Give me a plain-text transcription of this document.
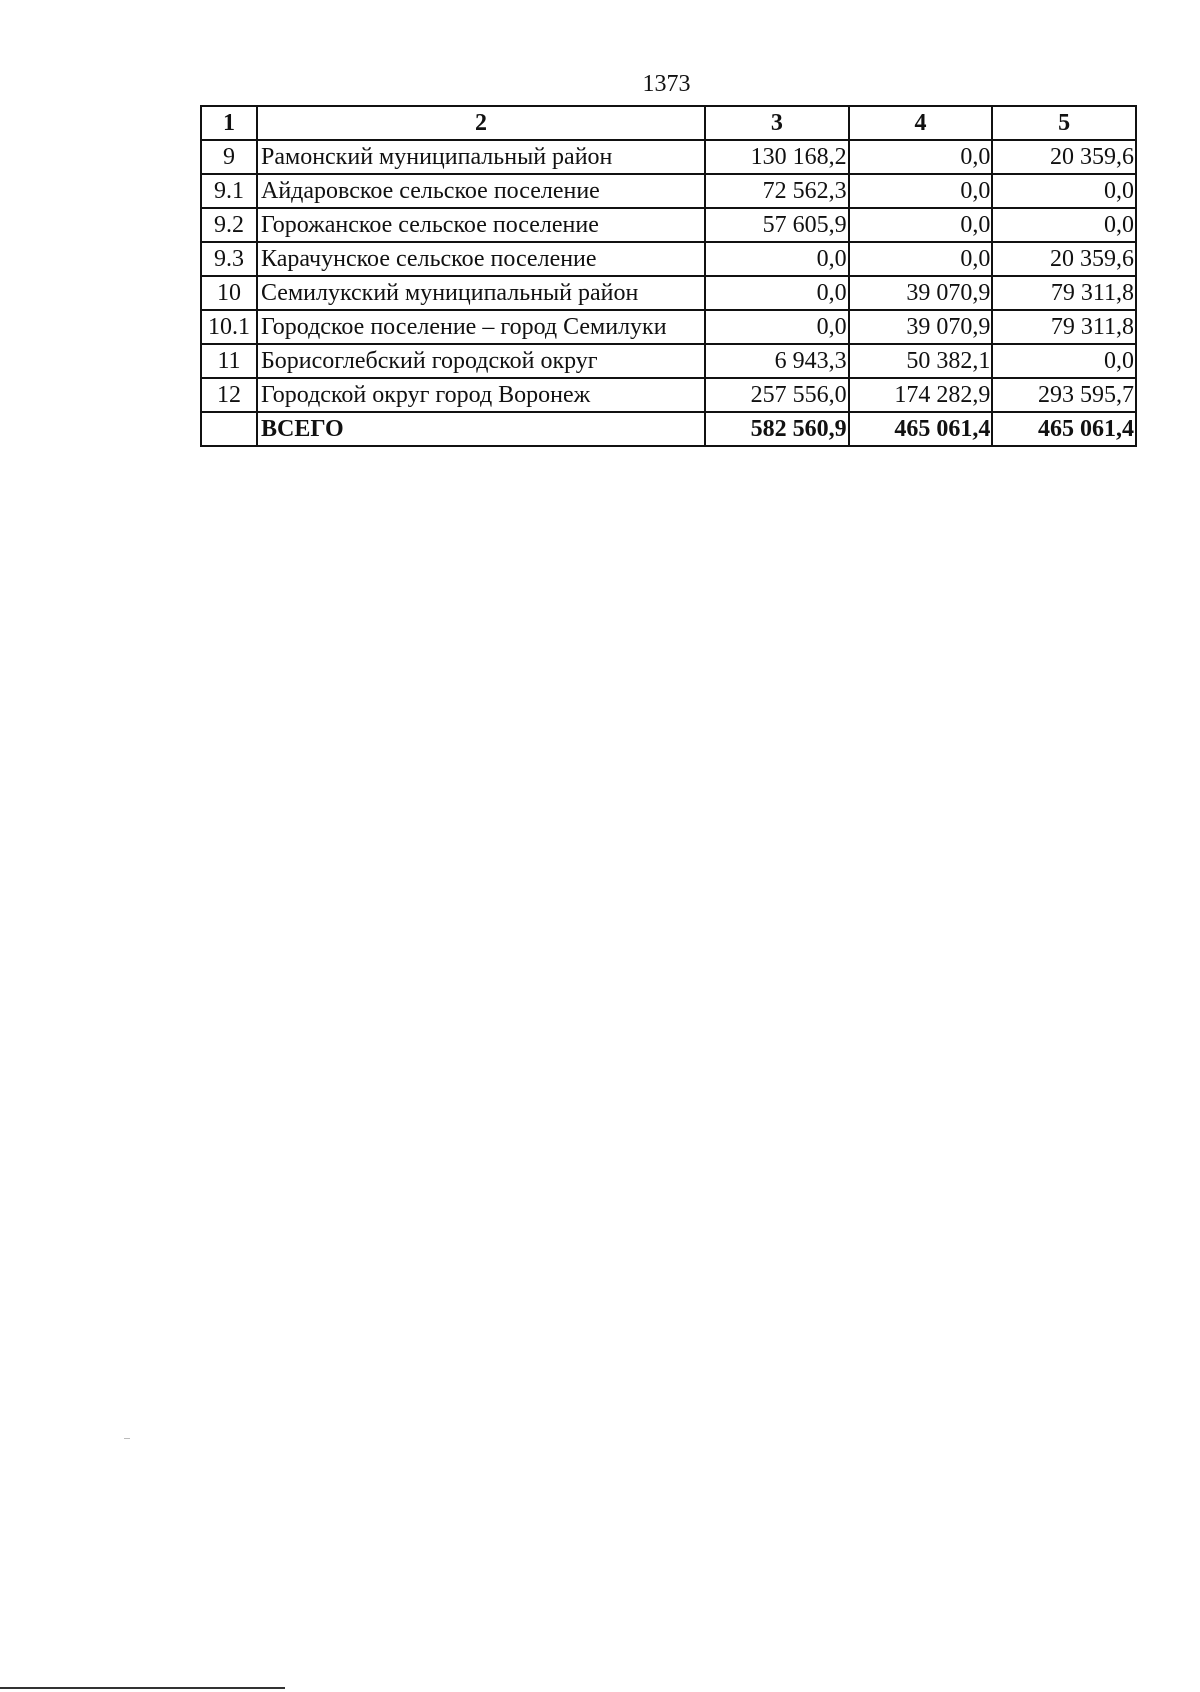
1373
1	2	3	4	5
9	Рамонский муниципальный район	130 168,2	0,0	20 359,6
9.1	Айдаровское сельское поселение	72 562,3	0,0	0,0
9.2	Горожанское сельское поселение	57 605,9	0,0	0,0
9.3	Карачунское сельское поселение	0,0	0,0	20 359,6
10	Семилукский муниципальный район	0,0	39 070,9	79 311,8
10.1	Городское поселение – город Семилуки	0,0	39 070,9	79 311,8
11	Борисоглебский городской округ	6 943,3	50 382,1	0,0
12	Городской округ город Воронеж	257 556,0	174 282,9	293 595,7
	ВСЕГО	582 560,9	465 061,4	465 061,4
